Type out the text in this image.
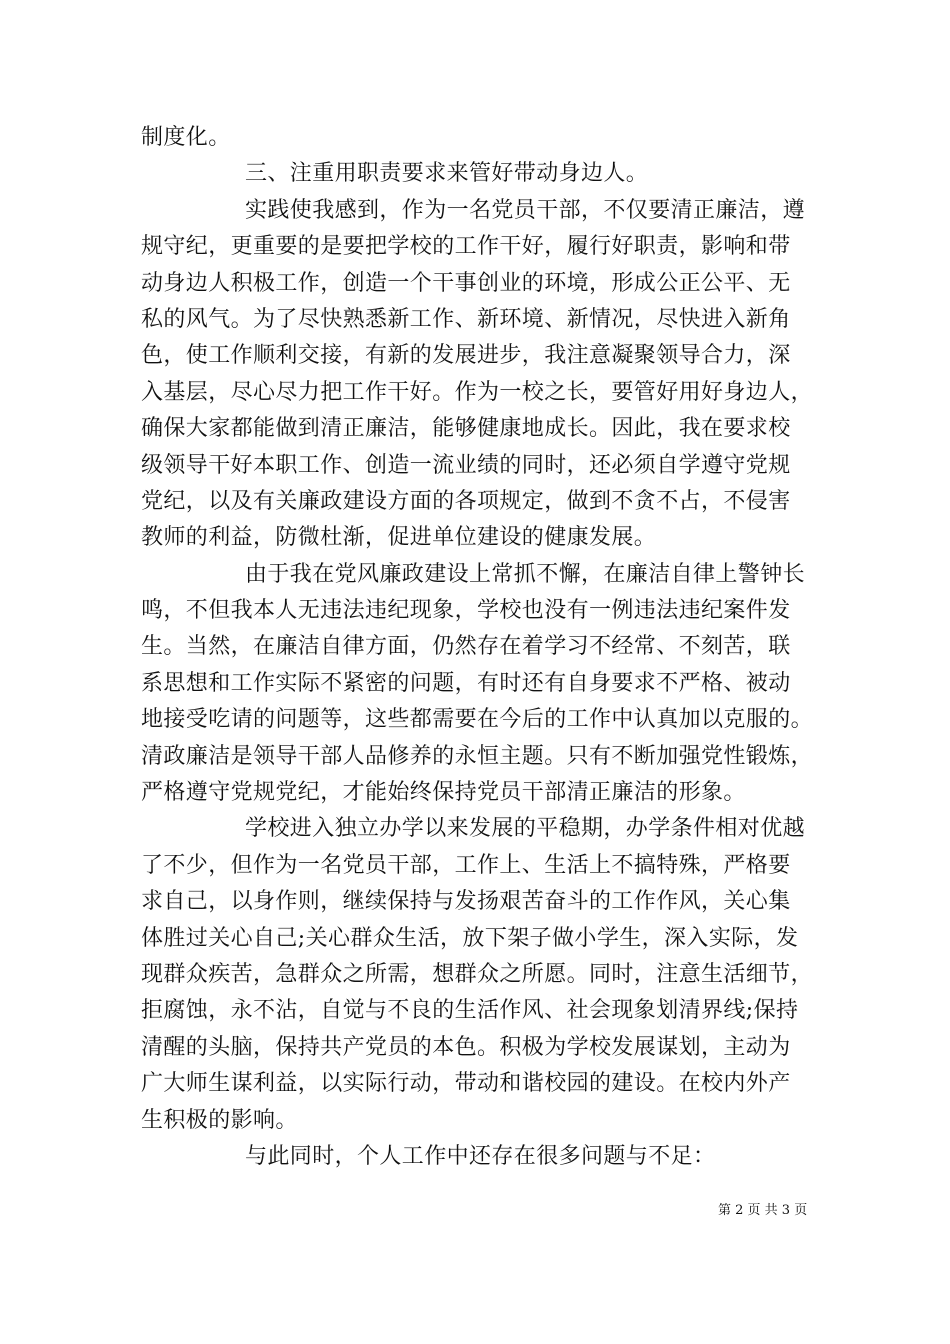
制度化。
三、注重用职责要求来管好带动身边人。
实践使我感到，作为一名党员干部，不仅要清正廉洁，遵
规守纪，更重要的是要把学校的工作干好，履行好职责，影响和带
动身边人积极工作，创造一个干事创业的环境，形成公正公平、无
私的风气。为了尽快熟悉新工作、新环境、新情况，尽快进入新角
色，使工作顺利交接，有新的发展进步，我注意凝聚领导合力，深
入基层，尽心尽力把工作干好。作为一校之长，要管好用好身边人，
确保大家都能做到清正廉洁，能够健康地成长。因此，我在要求校
级领导干好本职工作、创造一流业绩的同时，还必须自学遵守党规
党纪，以及有关廉政建设方面的各项规定，做到不贪不占，不侵害
教师的利益，防微杜渐，促进单位建设的健康发展。
由于我在党风廉政建设上常抓不懈，在廉洁自律上警钟长
鸣，不但我本人无违法违纪现象，学校也没有一例违法违纪案件发
生。当然，在廉洁自律方面，仍然存在着学习不经常、不刻苦，联
系思想和工作实际不紧密的问题，有时还有自身要求不严格、被动
地接受吃请的问题等，这些都需要在今后的工作中认真加以克服的。
清政廉洁是领导干部人品修养的永恒主题。只有不断加强党性锻炼，
严格遵守党规党纪，才能始终保持党员干部清正廉洁的形象。
学校进入独立办学以来发展的平稳期，办学条件相对优越
了不少，但作为一名党员干部，工作上、生活上不搞特殊，严格要
求自己，以身作则，继续保持与发扬艰苦奋斗的工作作风，关心集
体胜过关心自己;关心群众生活，放下架子做小学生，深入实际，发
现群众疾苦，急群众之所需，想群众之所愿。同时，注意生活细节，
拒腐蚀，永不沾，自觉与不良的生活作风、社会现象划清界线;保持
清醒的头脑，保持共产党员的本色。积极为学校发展谋划，主动为
广大师生谋利益，以实际行动，带动和谐校园的建设。在校内外产
生积极的影响。
与此同时，个人工作中还存在很多问题与不足：
第 2 页 共 3 页
